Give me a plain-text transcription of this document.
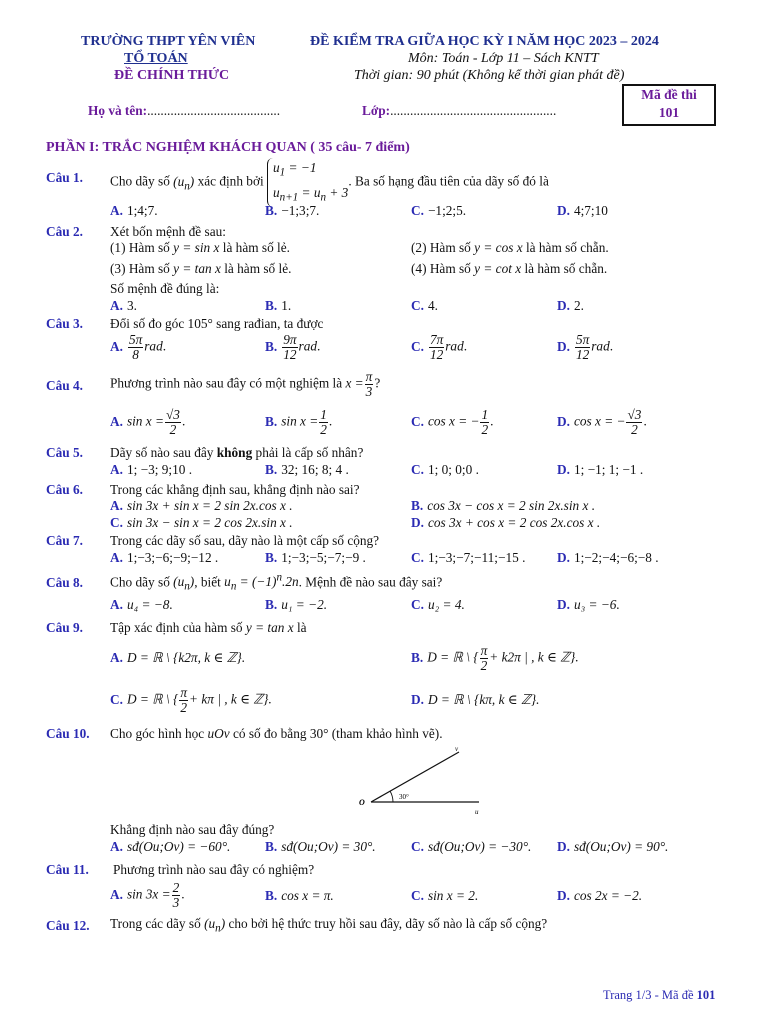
TRƯỜNG THPT YÊN VIÊN
TỔ TOÁN
ĐỀ CHÍNH THỨC
ĐỀ KIỂM TRA GIỮA HỌC KỲ I NĂM HỌC 2023 – 2024
Môn: Toán - Lớp 11 – Sách KNTT
Thời gian: 90 phút (Không kể thời gian phát đề)
Họ và tên:........................................	Lớp:..................................................
Mã đề thi
101
PHẦN I: TRẮC NGHIỆM KHÁCH QUAN ( 35 câu- 7 điểm)
Câu 1. Cho dãy số $(u_n)$ xác định bởi $u_1 = -1$
$u_{n+1} = u_n + 3$. Ba số hạng đầu tiên của dãy số đó là
A. 1;4;7.	B. −1;3;7.	C. −1;2;5.	D. 4;7;10
Câu 2. Xét bốn mệnh đề sau:
(1) Hàm số y = sin x là hàm số lẻ.	(2) Hàm số y = cos x là hàm số chẵn.
(3) Hàm số y = tan x là hàm số lẻ.	(4) Hàm số y = cot x là hàm số chẵn.
Số mệnh đề đúng là:
A. 3.	B. 1.	C. 4.	D. 2.
Câu 3. Đổi số đo góc 105° sang rađian, ta được
A. $\frac{5\pi}{8}$ rad.	B. $\frac{9\pi}{12}$ rad.	C. $\frac{7\pi}{12}$ rad.	D. $\frac{5\pi}{12}$ rad.
Câu 4. Phương trình nào sau đây có một nghiệm là $x = \frac{\pi}{3}$ ?
A. $\sin x = \frac{√3}{2}$ .	B. $\sin x = \frac{1}{2}$ .	C. cos x = − $\frac{1}{2}$ .	D. cos x = − $\frac{√3}{2}$ .
Câu 5. Dãy số nào sau đây không phải là cấp số nhân?
A. 1; −3; 9;10 .	B. 32; 16; 8; 4 .	C. 1; 0; 0;0 .	D. 1; −1; 1; −1 .
Câu 6. Trong các khẳng định sau, khẳng định nào sai?
A. sin 3x + sin x = 2 sin 2x.cos x .	B. cos 3x − cos x = 2 sin 2x.sin x .
C. sin 3x − sin x = 2 cos 2x.sin x .	D. cos 3x + cos x = 2 cos 2x.cos x .
Câu 7. Trong các dãy số sau, dãy nào là một cấp số cộng?
A. 1;−3;−6;−9;−12 .	B. 1;−3;−5;−7;−9 .	C. 1;−3;−7;−11;−15 . D. 1;−2;−4;−6;−8 .
Câu 8. Cho dãy số $(u_n)$, biết $u_n = (-1)^n.2n$. Mệnh đề nào sau đây sai?
A. u₄ = −8.	B. u₁ = −2.	C. u₂ = 4.	D. u₃ = −6.
Câu 9. Tập xác định của hàm số y = tan x là
A. D = ℝ \ {k2π, k ∈ ℤ}.	B. D = ℝ \ { $\frac{\pi}{2} + k2\pi$ | , k ∈ ℤ}.
C. D = ℝ \ { $\frac{\pi}{2} + k\pi$ | , k ∈ ℤ}.	D. D = ℝ \ {kπ, k ∈ ℤ}.
Câu 10. Cho góc hình học uOv có số đo bằng 30° (tham khảo hình vẽ).
O
u
v
30°
Khẳng định nào sau đây đúng?
A. sđ(Ou;Ov) = −60°.	B. sđ(Ou;Ov) = 30°.	C. sđ(Ou;Ov) = −30°. D. sđ(Ou;Ov) = 90°.
Câu 11. Phương trình nào sau đây có nghiệm?
A. $\sin 3x = \frac{2}{3}$ .	B. cos x = π.	C. sin x = 2.	D. cos 2x = −2.
Câu 12. Trong các dãy số $(u_n)$ cho bởi hệ thức truy hồi sau đây, dãy số nào là cấp số cộng?
Trang 1/3 - Mã đề 101
